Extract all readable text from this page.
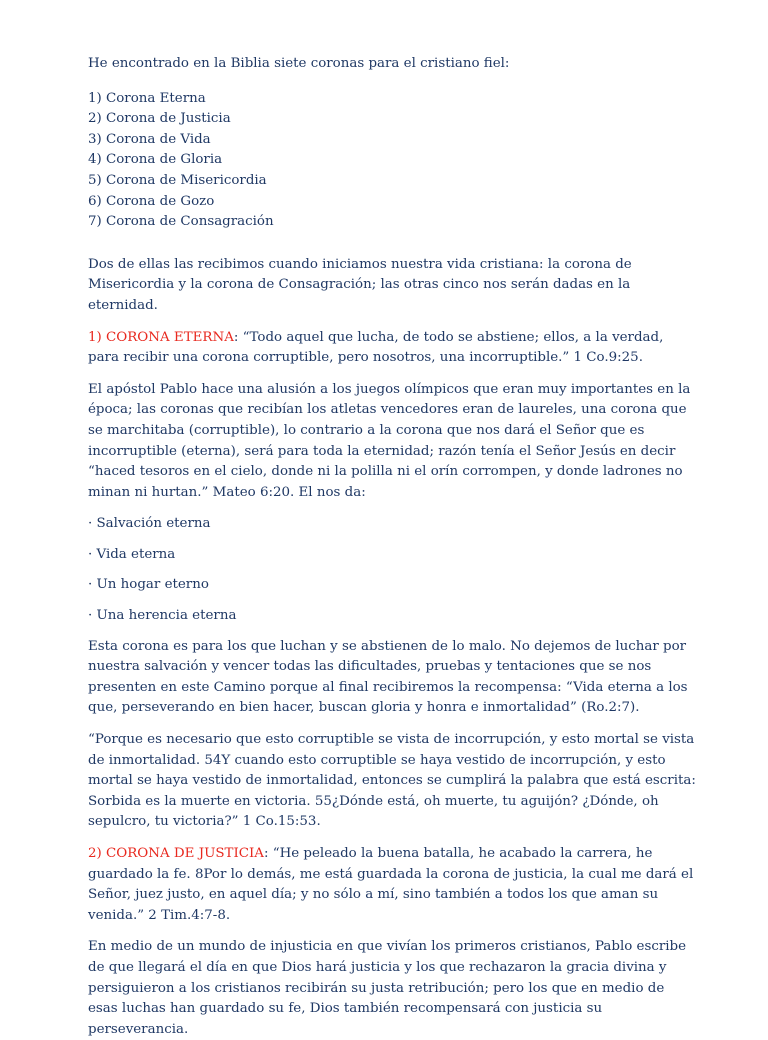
He encontrado en la Biblia siete coronas para el cristiano fiel:

1) Corona Eterna
2) Corona de Justicia
3) Corona de Vida
4) Corona de Gloria
5) Corona de Misericordia
6) Corona de Gozo
7) Corona de Consagración

Dos de ellas las recibimos cuando iniciamos nuestra vida cristiana: la corona de Misericordia y la corona de Consagración; las otras cinco nos serán dadas en la eternidad.

1) CORONA ETERNA: “Todo aquel que lucha, de todo se abstiene; ellos, a la verdad, para recibir una corona corruptible, pero nosotros, una incorruptible.” 1 Co.9:25.

El apóstol Pablo hace una alusión a los juegos olímpicos que eran muy importantes en la época; las coronas que recibían los atletas vencedores eran de laureles, una corona que se marchitaba (corruptible), lo contrario a la corona que nos dará el Señor que es incorruptible (eterna), será para toda la eternidad; razón tenía el Señor Jesús en decir “haced tesoros en el cielo, donde ni la polilla ni el orín corrompen, y donde ladrones no minan ni hurtan.” Mateo 6:20. El nos da:

· Salvación eterna

· Vida eterna

· Un hogar eterno

· Una herencia eterna

Esta corona es para los que luchan y se abstienen de lo malo. No dejemos de luchar por nuestra salvación y vencer todas las dificultades, pruebas y tentaciones que se nos presenten en este Camino porque al final recibiremos la recompensa: “Vida eterna a los que, perseverando en bien hacer, buscan gloria y honra e inmortalidad” (Ro.2:7).

“Porque es necesario que esto corruptible se vista de incorrupción, y esto mortal se vista de inmortalidad. 54Y cuando esto corruptible se haya vestido de incorrupción, y esto mortal se haya vestido de inmortalidad, entonces se cumplirá la palabra que está escrita: Sorbida es la muerte en victoria. 55¿Dónde está, oh muerte, tu aguijón? ¿Dónde, oh sepulcro, tu victoria?” 1 Co.15:53.

2) CORONA DE JUSTICIA: “He peleado la buena batalla, he acabado la carrera, he guardado la fe. 8Por lo demás, me está guardada la corona de justicia, la cual me dará el Señor, juez justo, en aquel día; y no sólo a mí, sino también a todos los que aman su venida.” 2 Tim.4:7-8.

En medio de un mundo de injusticia en que vivían los primeros cristianos, Pablo escribe de que llegará el día en que Dios hará justicia y los que rechazaron la gracia divina y persiguieron a los cristianos recibirán su justa retribución; pero los que en medio de esas luchas han guardado su fe, Dios también recompensará con justicia su perseverancia.
